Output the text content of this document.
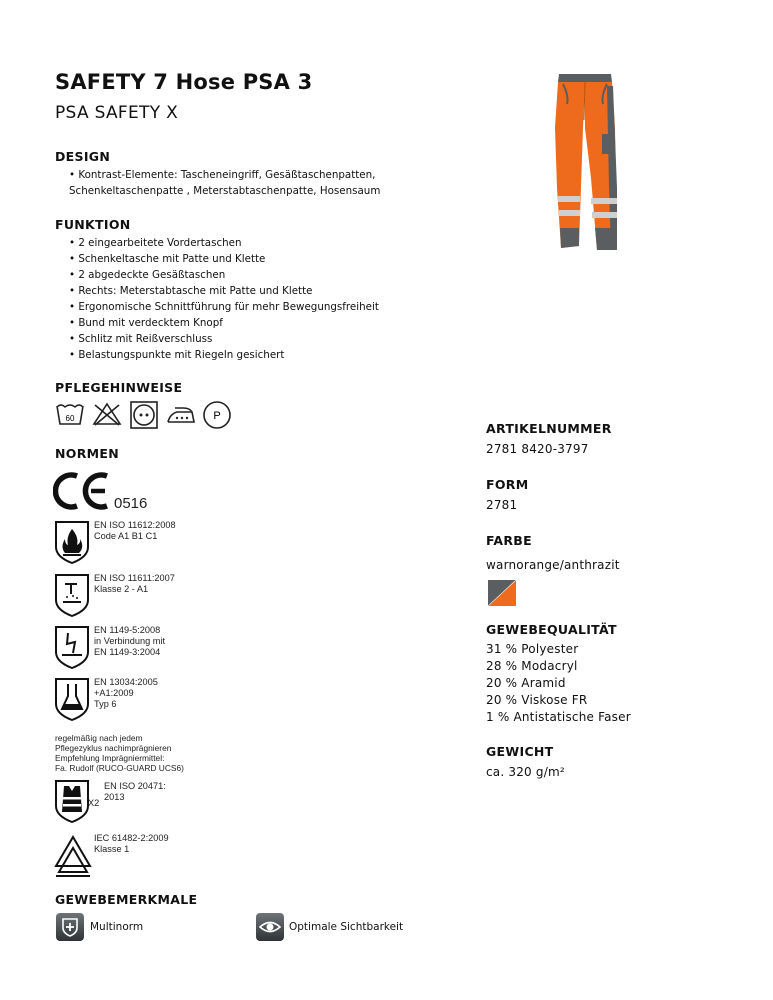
SAFETY 7 Hose PSA 3
PSA SAFETY X
DESIGN
• Kontrast-Elemente: Tascheneingriff, Gesäßtaschenpatten,
Schenkeltaschenpatte , Meterstabtaschenpatte, Hosensaum
FUNKTION
• 2 eingearbeitete Vordertaschen
• Schenkeltasche mit Patte und Klette
• 2 abgedeckte Gesäßtaschen
• Rechts: Meterstabtasche mit Patte und Klette
• Ergonomische Schnittführung für mehr Bewegungsfreiheit
• Bund mit verdecktem Knopf
• Schlitz mit Reißverschluss
• Belastungspunkte mit Riegeln gesichert
PFLEGEHINWEISE
60	P
NORMEN
0516
EN ISO 11612:2008
Code A1 B1 C1
EN ISO 11611:2007
Klasse 2 - A1
EN 1149-5:2008
in Verbindung mit
EN 1149-3:2004
EN 13034:2005
+A1:2009
Typ 6
regelmäßig nach jedem
Pflegezyklus nachimprägnieren
Empfehlung Imprägniermittel:
Fa. Rudolf (RUCO-GUARD UCS6)
X2
EN ISO 20471:
2013
IEC 61482-2:2009
Klasse 1
GEWEBEMERKMALE
Multinorm	Optimale Sichtbarkeit
ARTIKELNUMMER
2781 8420-3797
FORM
2781
FARBE
warnorange/anthrazit
GEWEBEQUALITÄT
31 % Polyester
28 % Modacryl
20 % Aramid
20 % Viskose FR
1 % Antistatische Faser
GEWICHT
ca. 320 g/m²
